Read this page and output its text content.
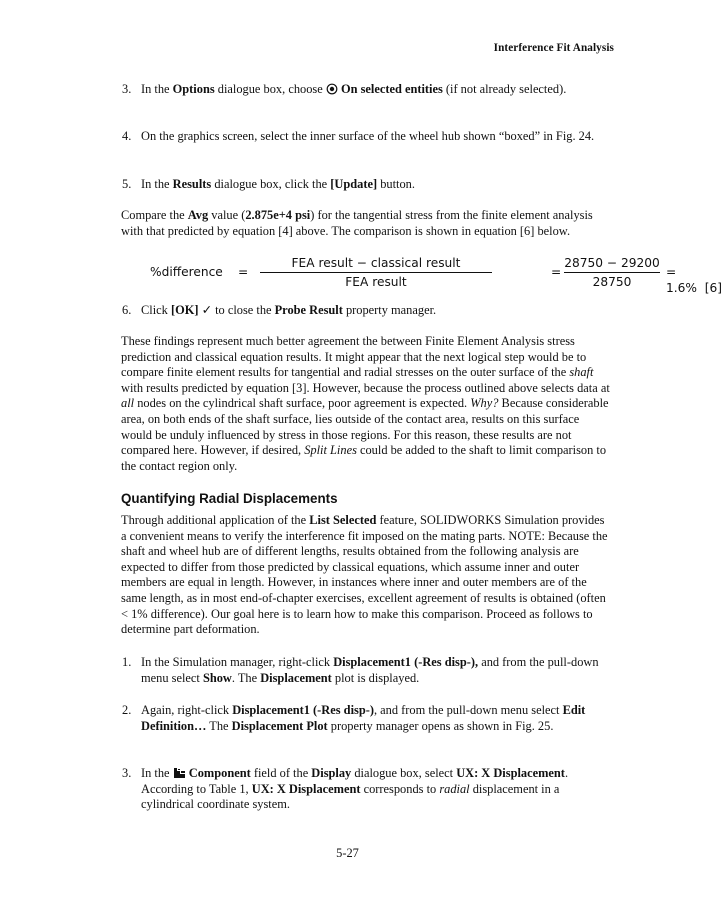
Interference Fit Analysis
3. In the Options dialogue box, choose  On selected entities (if not already selected).
4. On the graphics screen, select the inner surface of the wheel hub shown “boxed” in Fig. 24.
5. In the Results dialogue box, click the [Update] button.
Compare the Avg value (2.875e+4 psi) for the tangential stress from the finite element analysis with that predicted by equation [4] above. The comparison is shown in equation [6] below.
%difference =
FEA result − classical result
FEA result
=
28750 − 29200
28750
= 1.6% [6]
6. Click [OK] ✓ to close the Probe Result property manager.
These findings represent much better agreement the between Finite Element Analysis stress prediction and classical equation results. It might appear that the next logical step would be to compare finite element results for tangential and radial stresses on the outer surface of the shaft with results predicted by equation [3]. However, because the process outlined above selects data at all nodes on the cylindrical shaft surface, poor agreement is expected. Why? Because considerable area, on both ends of the shaft surface, lies outside of the contact area, results on this surface would be unduly influenced by stress in those regions. For this reason, these results are not compared here. However, if desired, Split Lines could be added to the shaft to limit comparison to the contact region only.
Quantifying Radial Displacements
Through additional application of the List Selected feature, SOLIDWORKS Simulation provides a convenient means to verify the interference fit imposed on the mating parts. NOTE: Because the shaft and wheel hub are of different lengths, results obtained from the following analysis are expected to differ from those predicted by classical equations, which assume inner and outer members are equal in length. However, in instances where inner and outer members are of the same length, as in most end-of-chapter exercises, excellent agreement of results is obtained (often < 1% difference). Our goal here is to learn how to make this comparison. Proceed as follows to determine part deformation.
1. In the Simulation manager, right-click Displacement1 (-Res disp-), and from the pull-down menu select Show. The Displacement plot is displayed.
2. Again, right-click Displacement1 (-Res disp-), and from the pull-down menu select Edit Definition… The Displacement Plot property manager opens as shown in Fig. 25.
3. In the  Component field of the Display dialogue box, select UX: X Displacement. According to Table 1, UX: X Displacement corresponds to radial displacement in a cylindrical coordinate system.
5-27
